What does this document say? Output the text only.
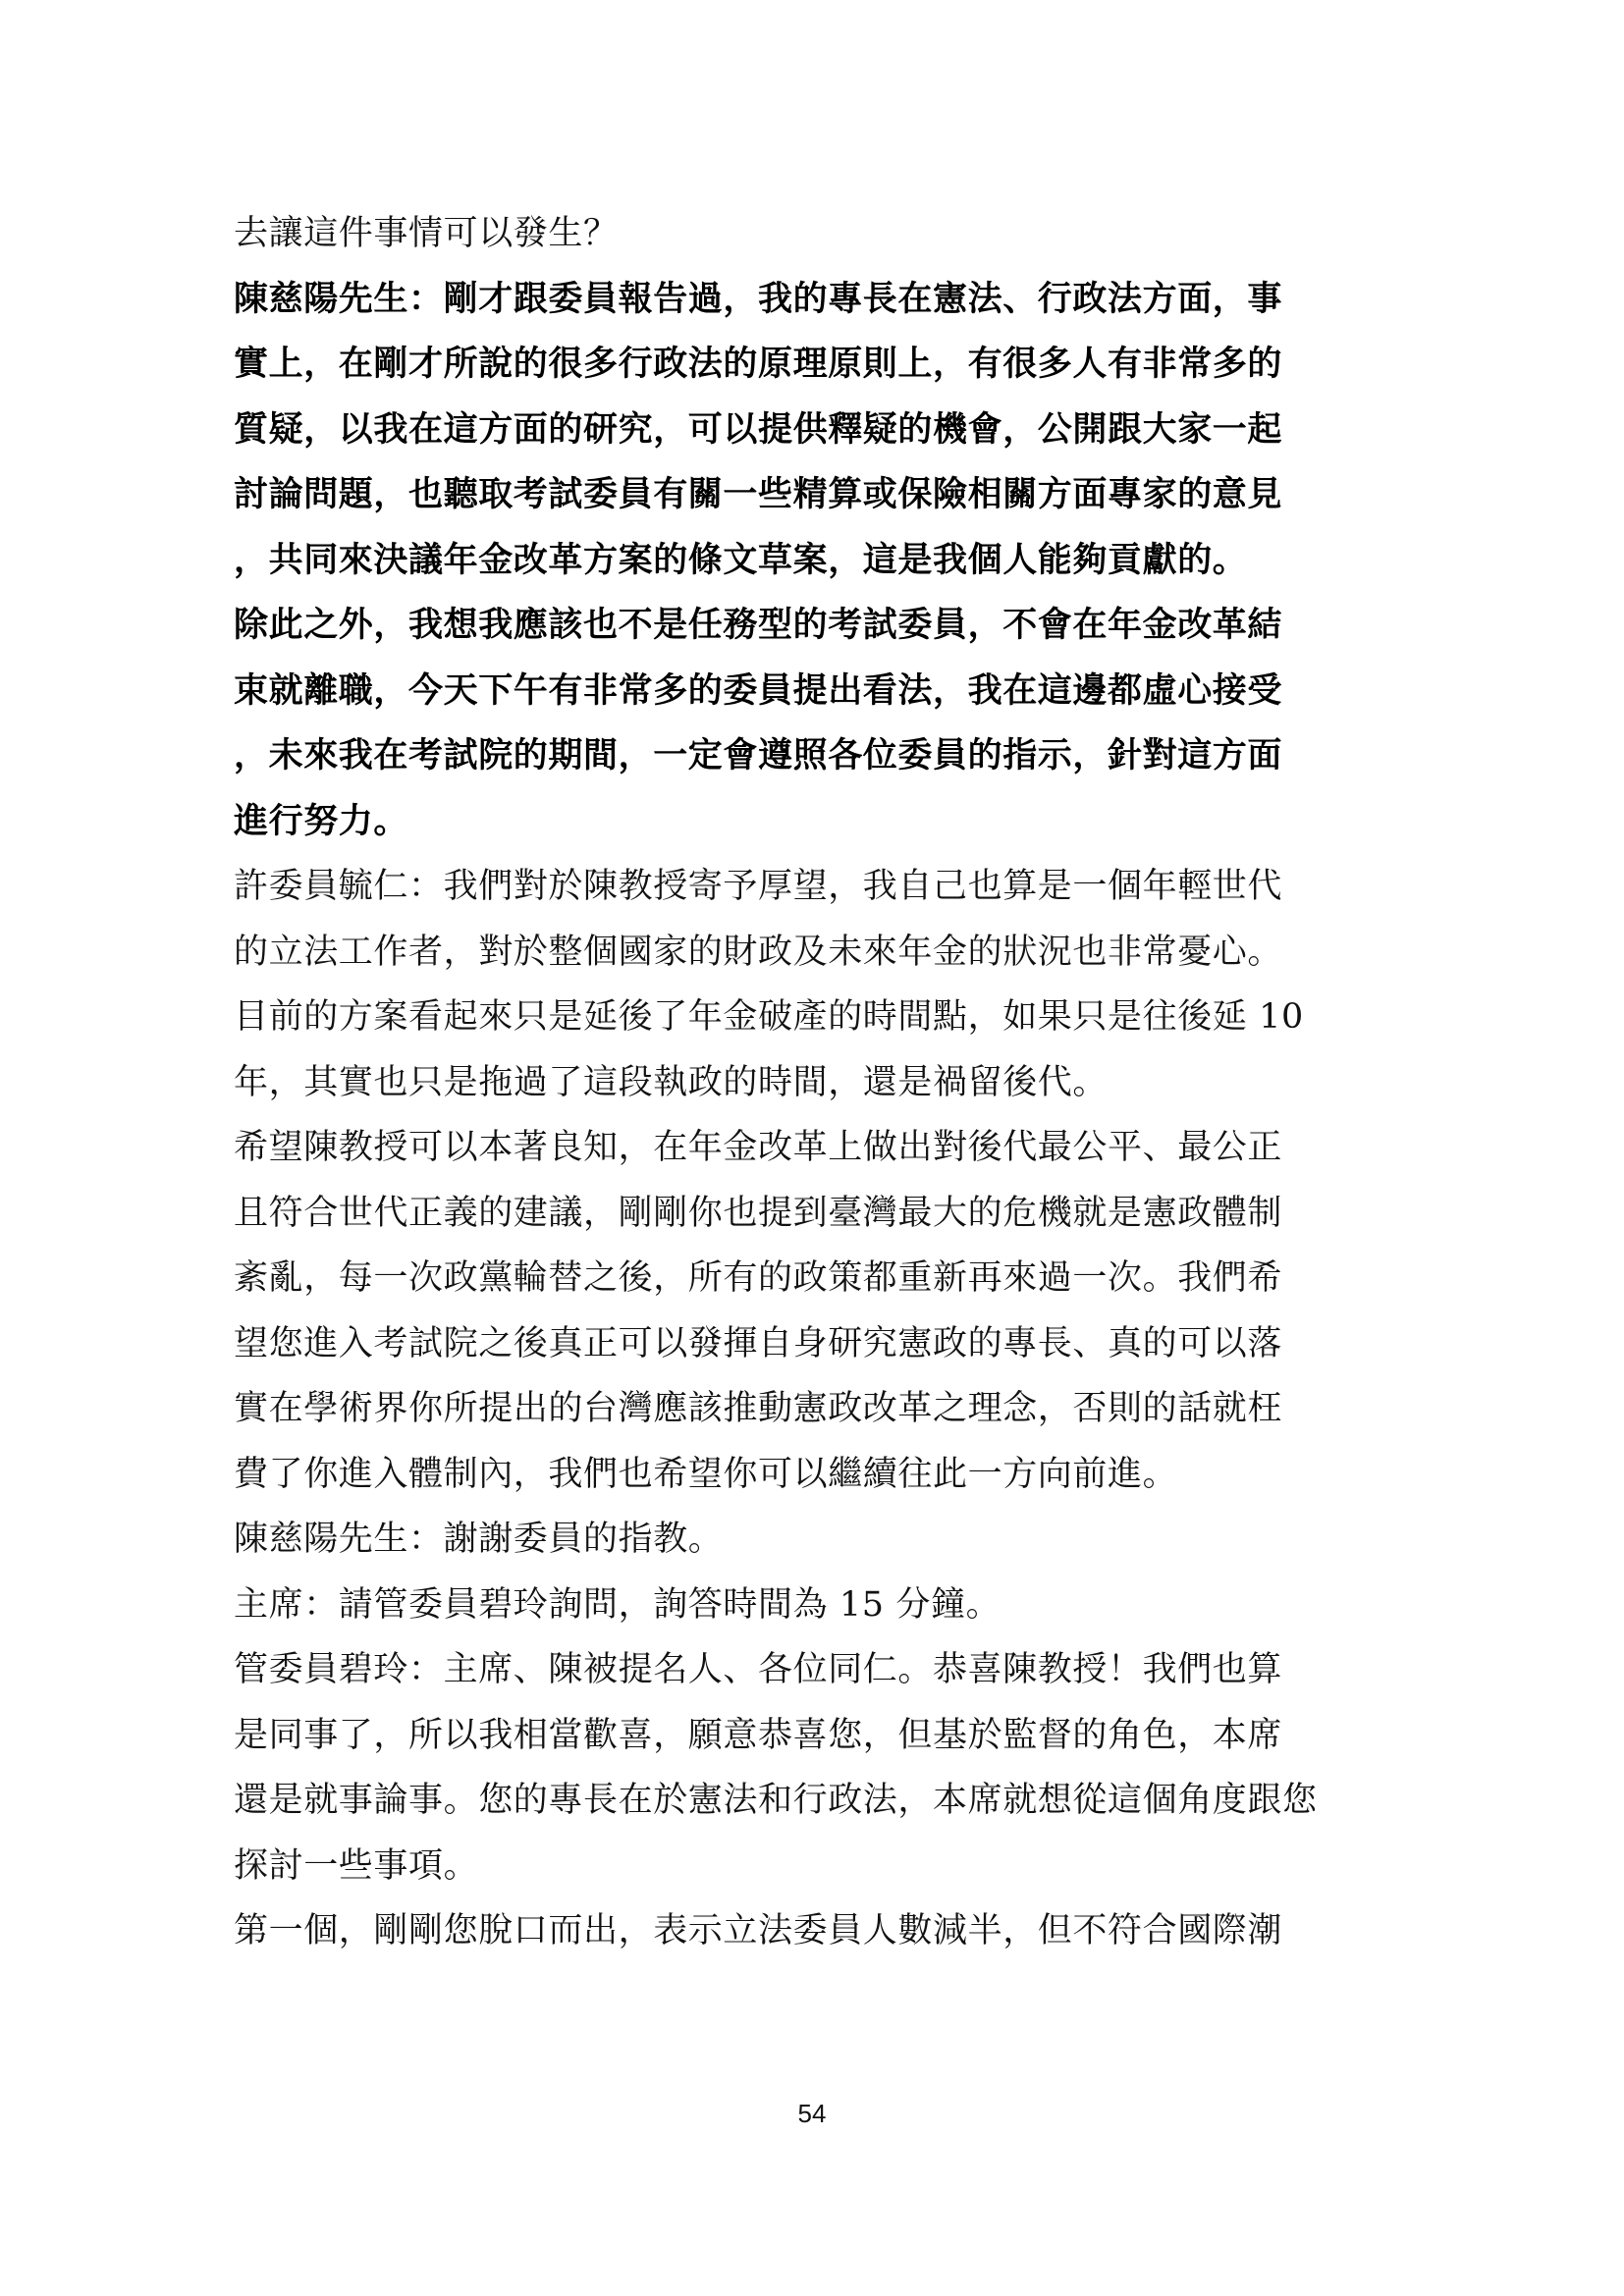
去讓這件事情可以發生？

陳慈陽先生：剛才跟委員報告過，我的專長在憲法、行政法方面，事
實上，在剛才所說的很多行政法的原理原則上，有很多人有非常多的
質疑，以我在這方面的研究，可以提供釋疑的機會，公開跟大家一起
討論問題，也聽取考試委員有關一些精算或保險相關方面專家的意見
，共同來決議年金改革方案的條文草案，這是我個人能夠貢獻的。

除此之外，我想我應該也不是任務型的考試委員，不會在年金改革結
束就離職，今天下午有非常多的委員提出看法，我在這邊都虛心接受
，未來我在考試院的期間，一定會遵照各位委員的指示，針對這方面
進行努力。

許委員毓仁：我們對於陳教授寄予厚望，我自己也算是一個年輕世代
的立法工作者，對於整個國家的財政及未來年金的狀況也非常憂心。
目前的方案看起來只是延後了年金破產的時間點，如果只是往後延 10
年，其實也只是拖過了這段執政的時間，還是禍留後代。

希望陳教授可以本著良知，在年金改革上做出對後代最公平、最公正
且符合世代正義的建議，剛剛你也提到臺灣最大的危機就是憲政體制
紊亂，每一次政黨輪替之後，所有的政策都重新再來過一次。我們希
望您進入考試院之後真正可以發揮自身研究憲政的專長、真的可以落
實在學術界你所提出的台灣應該推動憲政改革之理念，否則的話就枉
費了你進入體制內，我們也希望你可以繼續往此一方向前進。

陳慈陽先生：謝謝委員的指教。

主席：請管委員碧玲詢問，詢答時間為 15 分鐘。

管委員碧玲：主席、陳被提名人、各位同仁。恭喜陳教授！我們也算
是同事了，所以我相當歡喜，願意恭喜您，但基於監督的角色，本席
還是就事論事。您的專長在於憲法和行政法，本席就想從這個角度跟您
探討一些事項。

第一個，剛剛您脫口而出，表示立法委員人數減半，但不符合國際潮

54
